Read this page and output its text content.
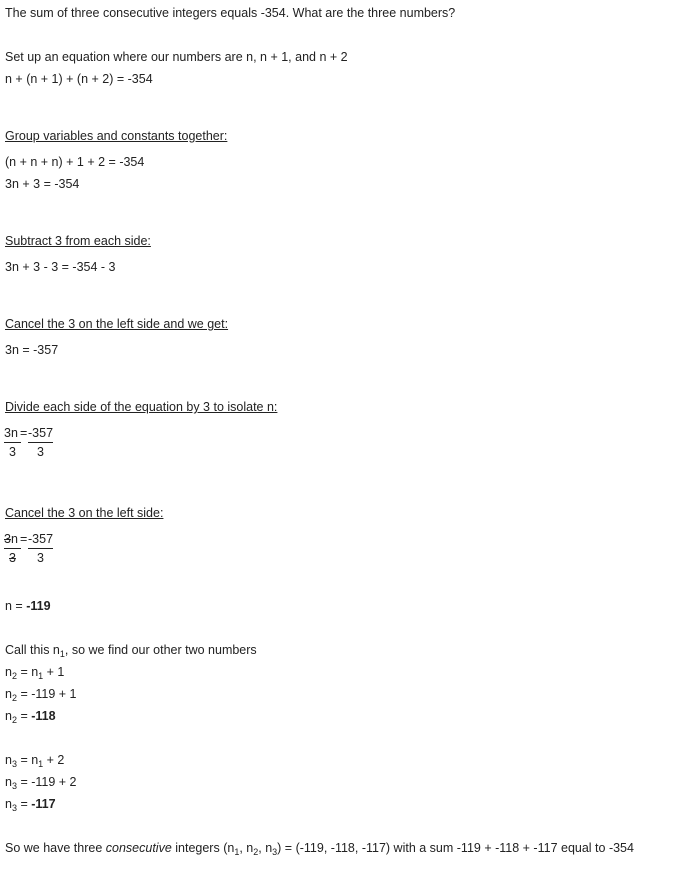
The sum of three consecutive integers equals -354. What are the three numbers?
Set up an equation where our numbers are n, n + 1, and n + 2
n + (n + 1) + (n + 2) = -354
Group variables and constants together:
(n + n + n) + 1 + 2 = -354
3n + 3 = -354
Subtract 3 from each side:
3n + 3 - 3 = -354 - 3
Cancel the 3 on the left side and we get:
3n = -357
Divide each side of the equation by 3 to isolate n:
3n
3
= -357
3
Cancel the 3 on the left side:
3n
3
= -357
3
n = -119
Call this $n_1$, so we find our other two numbers
$n_2 = n_1 + 1$
$n_2 = -119 + 1$
$n_2 = -118$
$n_3 = n_1 + 2$
$n_3 = -119 + 2$
$n_3 = -117$
So we have three consecutive integers ($n_1$, $n_2$, $n_3) = (-119$, -118, -117) with a sum -119 + -118 + -117 equal to -354
